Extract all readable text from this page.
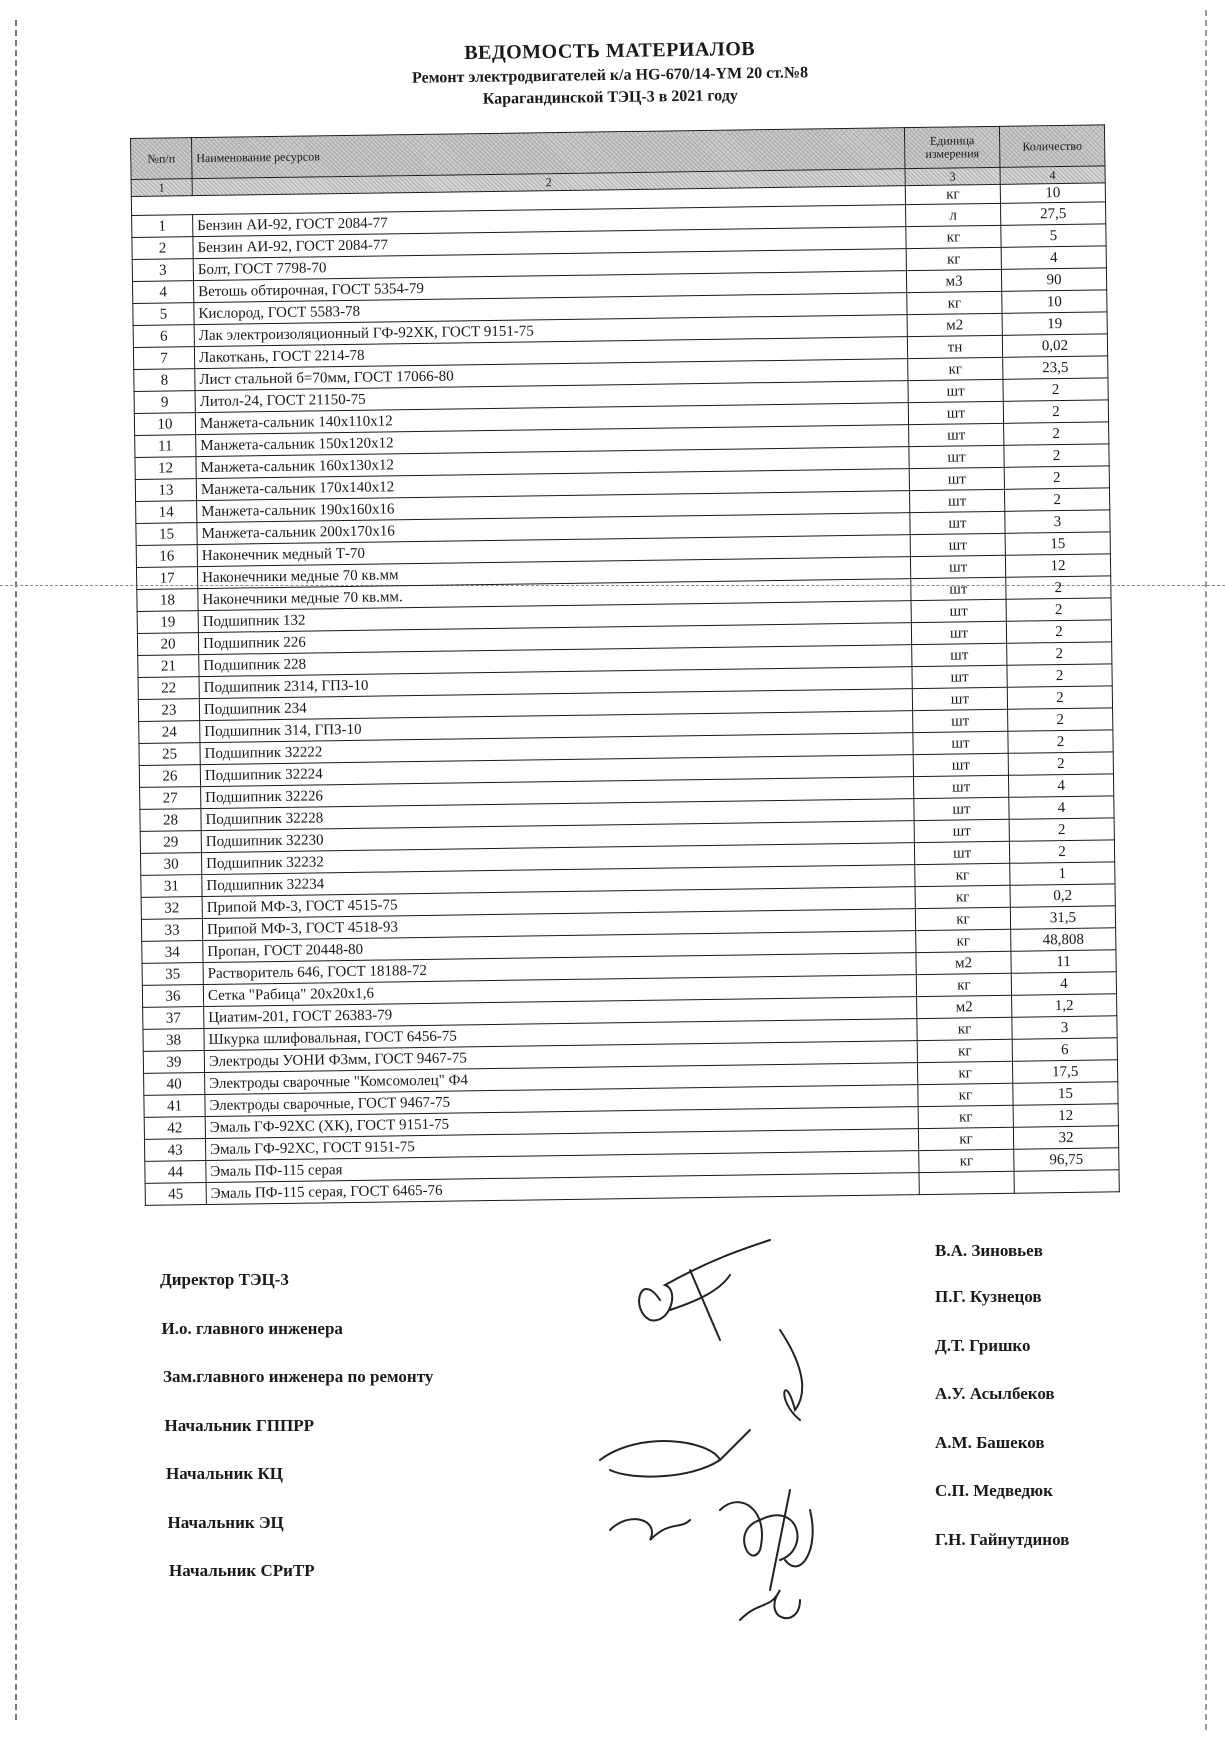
ВЕДОМОСТЬ МАТЕРИАЛОВ
Ремонт электродвигателей к/а HG-670/14-YM 20 ст.№8
Карагандинской ТЭЦ-3 в 2021 году
№п/п	Наименование ресурсов	Единица измерения	Количество
1	2	3	4
		кг	10
1	Бензин АИ-92, ГОСТ 2084-77	л	27,5
2	Бензин АИ-92, ГОСТ 2084-77	кг	5
3	Болт, ГОСТ 7798-70	кг	4
4	Ветошь обтирочная, ГОСТ 5354-79	м3	90
5	Кислород, ГОСТ 5583-78	кг	10
6	Лак электроизоляционный ГФ-92ХК, ГОСТ 9151-75	м2	19
7	Лакоткань, ГОСТ 2214-78	тн	0,02
8	Лист стальной б=70мм, ГОСТ 17066-80	кг	23,5
9	Литол-24, ГОСТ 21150-75	шт	2
10	Манжета-сальник 140х110х12	шт	2
11	Манжета-сальник 150х120х12	шт	2
12	Манжета-сальник 160х130х12	шт	2
13	Манжета-сальник 170х140х12	шт	2
14	Манжета-сальник 190х160х16	шт	2
15	Манжета-сальник 200х170х16	шт	3
16	Наконечник медный Т-70	шт	15
17	Наконечники медные 70 кв.мм	шт	12
18	Наконечники медные 70 кв.мм.	шт	2
19	Подшипник 132	шт	2
20	Подшипник 226	шт	2
21	Подшипник 228	шт	2
22	Подшипник 2314, ГПЗ-10	шт	2
23	Подшипник 234	шт	2
24	Подшипник 314, ГПЗ-10	шт	2
25	Подшипник 32222	шт	2
26	Подшипник 32224	шт	2
27	Подшипник 32226	шт	4
28	Подшипник 32228	шт	4
29	Подшипник 32230	шт	2
30	Подшипник 32232	шт	2
31	Подшипник 32234	кг	1
32	Припой МФ-3, ГОСТ 4515-75	кг	0,2
33	Припой МФ-3, ГОСТ 4518-93	кг	31,5
34	Пропан, ГОСТ 20448-80	кг	48,808
35	Растворитель 646, ГОСТ 18188-72	м2	11
36	Сетка "Рабица" 20х20х1,6	кг	4
37	Циатим-201, ГОСТ 26383-79	м2	1,2
38	Шкурка шлифовальная, ГОСТ 6456-75	кг	3
39	Электроды УОНИ Ф3мм, ГОСТ 9467-75	кг	6
40	Электроды сварочные "Комсомолец" Ф4	кг	17,5
41	Электроды сварочные, ГОСТ 9467-75	кг	15
42	Эмаль ГФ-92ХС (ХК), ГОСТ 9151-75	кг	12
43	Эмаль ГФ-92ХС, ГОСТ 9151-75	кг	32
44	Эмаль ПФ-115 серая	кг	96,75
45	Эмаль ПФ-115 серая, ГОСТ 6465-76		
Директор ТЭЦ-3
В.А. Зиновьев
И.о. главного инженера
П.Г. Кузнецов
Зам.главного инженера по ремонту
Д.Т. Гришко
Начальник ГППРР
А.У. Асылбеков
Начальник КЦ
А.М. Башеков
Начальник ЭЦ
С.П. Медведюк
Начальник СРиТР
Г.Н. Гайнутдинов
